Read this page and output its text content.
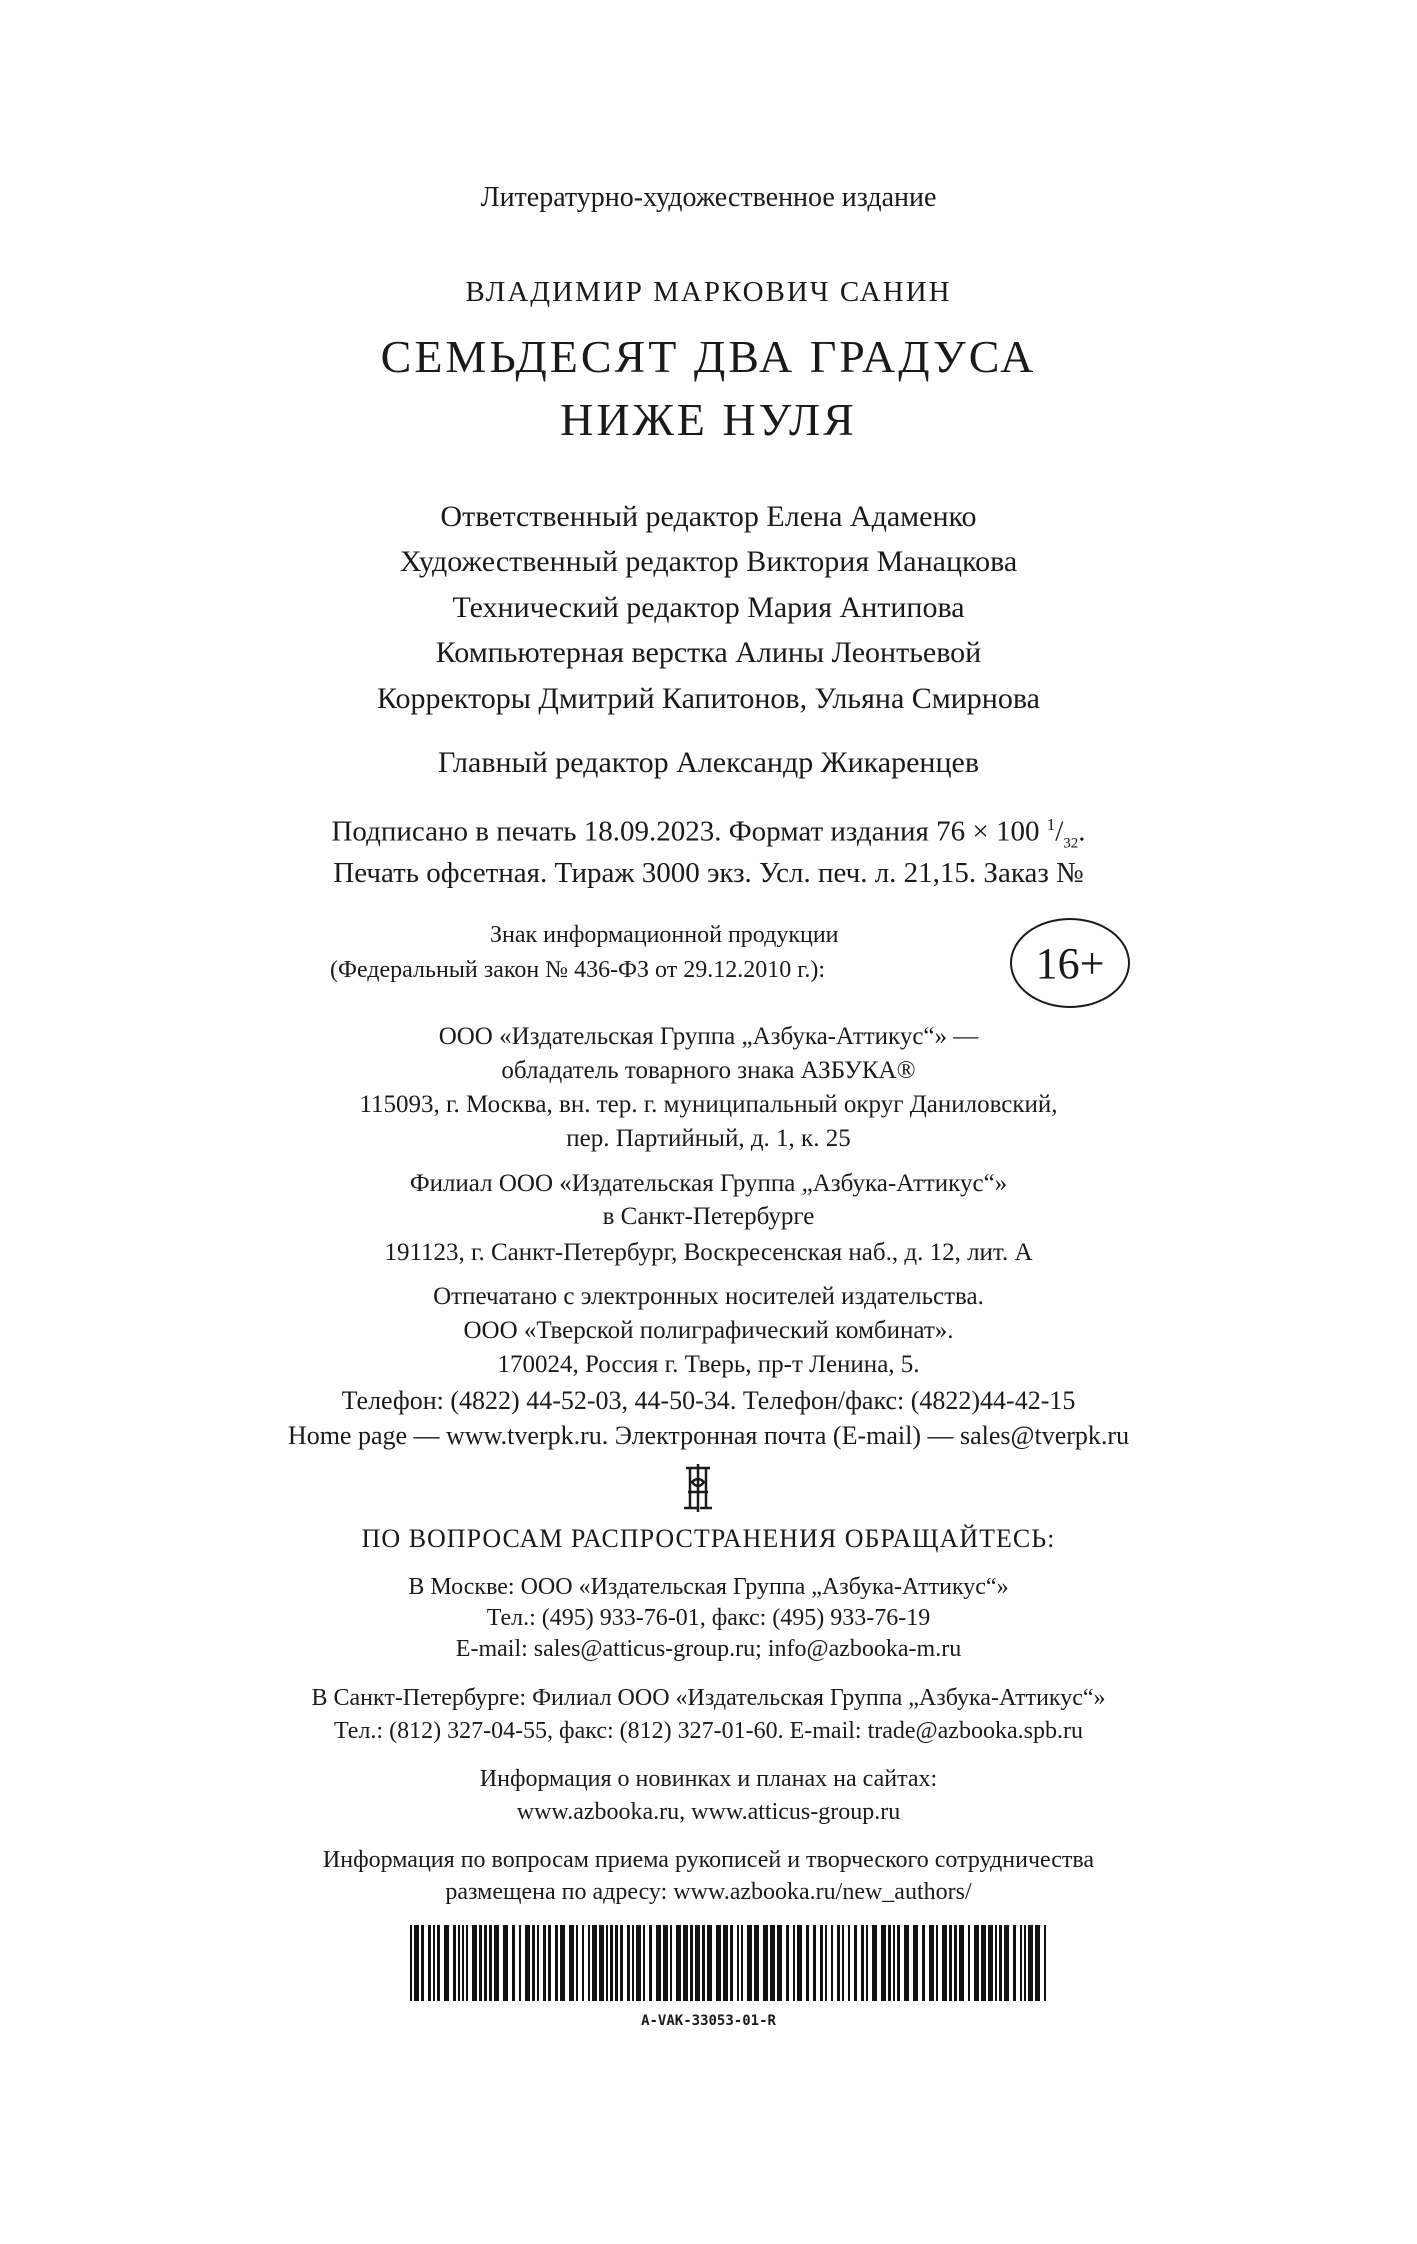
Литературно-художественное издание

ВЛАДИМИР МАРКОВИЧ САНИН

СЕМЬДЕСЯТ ДВА ГРАДУСА

НИЖЕ НУЛЯ

Ответственный редактор Елена Адаменко

Художественный редактор Виктория Манацкова

Технический редактор Мария Антипова

Компьютерная верстка Алины Леонтьевой

Корректоры Дмитрий Капитонов, Ульяна Смирнова

Главный редактор Александр Жикаренцев

Подписано в печать 18.09.2023. Формат издания 76 × 100 $^1/_{32}$.

Печать офсетная. Тираж 3000 экз. Усл. печ. л. 21,15. Заказ №

Знак информационной продукции
(Федеральный закон № 436-ФЗ от 29.12.2010 г.):	16+

ООО «Издательская Группа „Азбука-Аттикус“» —

обладатель товарного знака АЗБУКА®

115093, г. Москва, вн. тер. г. муниципальный округ Даниловский,

пер. Партийный, д. 1, к. 25

Филиал ООО «Издательская Группа „Азбука-Аттикус“»

в Санкт-Петербурге

191123, г. Санкт-Петербург, Воскресенская наб., д. 12, лит. А

Отпечатано с электронных носителей издательства.

ООО «Тверской полиграфический комбинат».

170024, Россия г. Тверь, пр-т Ленина, 5.

Телефон: (4822) 44-52-03, 44-50-34. Телефон/факс: (4822)44-42-15

Home page — www.tverpk.ru. Электронная почта (E-mail) — sales@tverpk.ru

ПО ВОПРОСАМ РАСПРОСТРАНЕНИЯ ОБРАЩАЙТЕСЬ:

В Москве: ООО «Издательская Группа „Азбука-Аттикус“»

Тел.: (495) 933-76-01, факс: (495) 933-76-19

E-mail: sales@atticus-group.ru; info@azbooka-m.ru

В Санкт-Петербурге: Филиал ООО «Издательская Группа „Азбука-Аттикус“»

Тел.: (812) 327-04-55, факс: (812) 327-01-60. E-mail: trade@azbooka.spb.ru

Информация о новинках и планах на сайтах:

www.azbooka.ru, www.atticus-group.ru

Информация по вопросам приема рукописей и творческого сотрудничества

размещена по адресу: www.azbooka.ru/new_authors/

A-VAK-33053-01-R
